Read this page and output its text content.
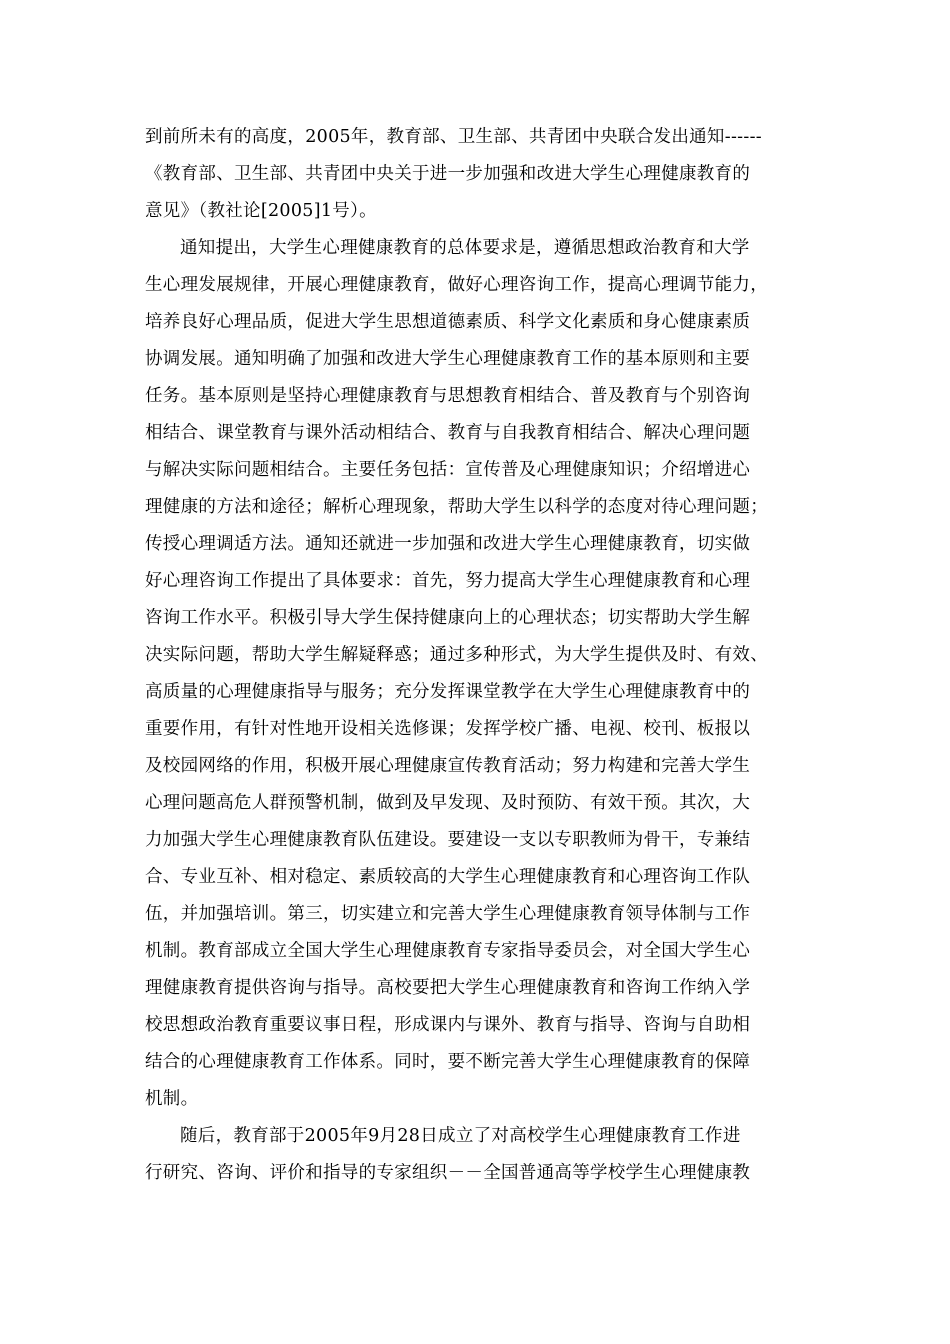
到前所未有的高度，2005年，教育部、卫生部、共青团中央联合发出通知------
《教育部、卫生部、共青团中央关于进一步加强和改进大学生心理健康教育的
意见》（教社论[2005]1号）。
通知提出，大学生心理健康教育的总体要求是，遵循思想政治教育和大学
生心理发展规律，开展心理健康教育，做好心理咨询工作，提高心理调节能力，
培养良好心理品质，促进大学生思想道德素质、科学文化素质和身心健康素质
协调发展。通知明确了加强和改进大学生心理健康教育工作的基本原则和主要
任务。基本原则是坚持心理健康教育与思想教育相结合、普及教育与个别咨询
相结合、课堂教育与课外活动相结合、教育与自我教育相结合、解决心理问题
与解决实际问题相结合。主要任务包括：宣传普及心理健康知识；介绍增进心
理健康的方法和途径；解析心理现象，帮助大学生以科学的态度对待心理问题；
传授心理调适方法。通知还就进一步加强和改进大学生心理健康教育，切实做
好心理咨询工作提出了具体要求：首先，努力提高大学生心理健康教育和心理
咨询工作水平。积极引导大学生保持健康向上的心理状态；切实帮助大学生解
决实际问题，帮助大学生解疑释惑；通过多种形式，为大学生提供及时、有效、
高质量的心理健康指导与服务；充分发挥课堂教学在大学生心理健康教育中的
重要作用，有针对性地开设相关选修课；发挥学校广播、电视、校刊、板报以
及校园网络的作用，积极开展心理健康宣传教育活动；努力构建和完善大学生
心理问题高危人群预警机制，做到及早发现、及时预防、有效干预。其次，大
力加强大学生心理健康教育队伍建设。要建设一支以专职教师为骨干，专兼结
合、专业互补、相对稳定、素质较高的大学生心理健康教育和心理咨询工作队
伍，并加强培训。第三，切实建立和完善大学生心理健康教育领导体制与工作
机制。教育部成立全国大学生心理健康教育专家指导委员会，对全国大学生心
理健康教育提供咨询与指导。高校要把大学生心理健康教育和咨询工作纳入学
校思想政治教育重要议事日程，形成课内与课外、教育与指导、咨询与自助相
结合的心理健康教育工作体系。同时，要不断完善大学生心理健康教育的保障
机制。
随后，教育部于2005年9月28日成立了对高校学生心理健康教育工作进
行研究、咨询、评价和指导的专家组织－－全国普通高等学校学生心理健康教
